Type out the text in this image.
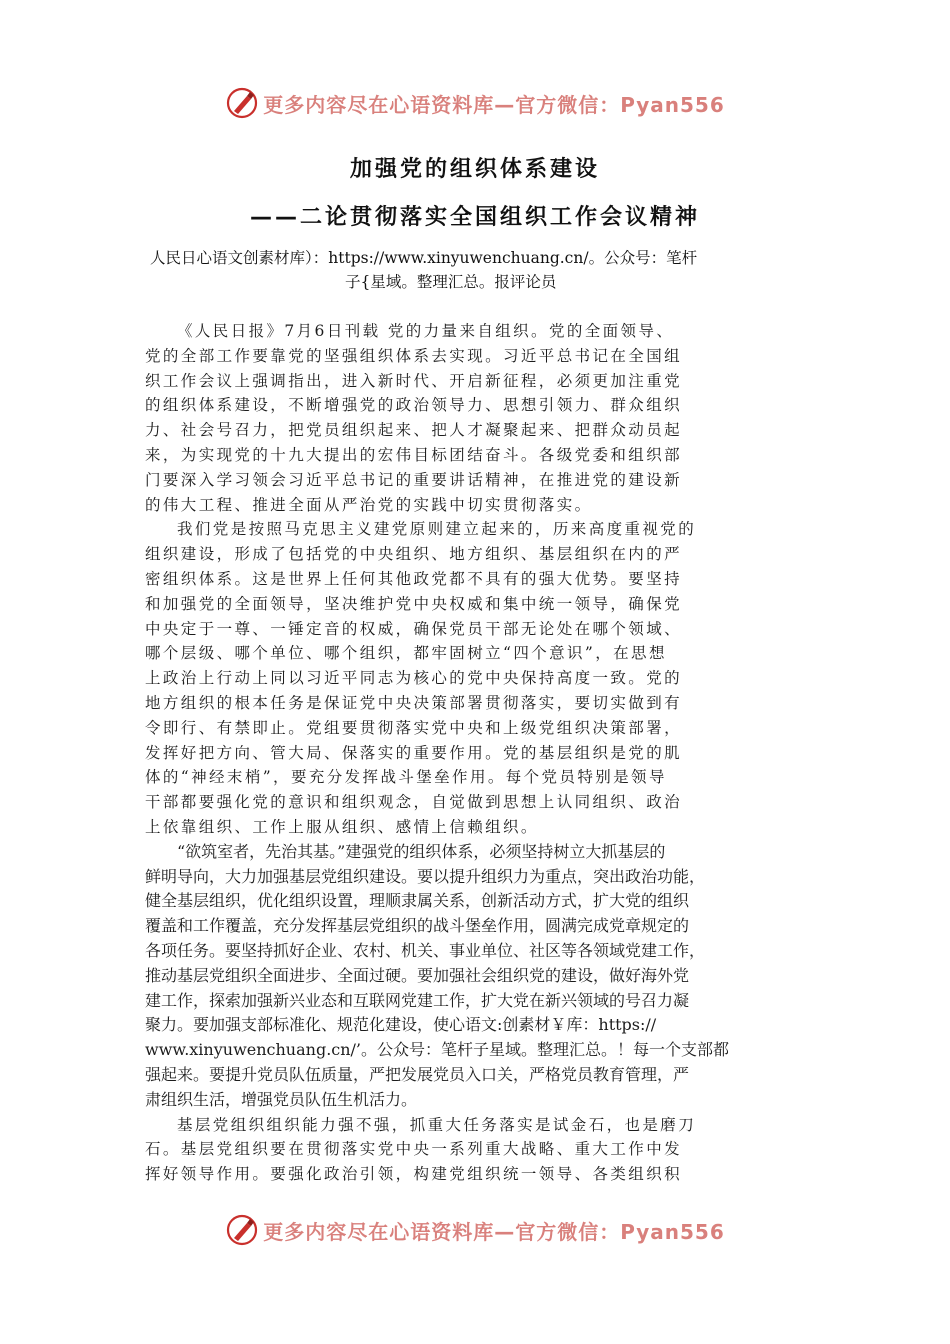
更多内容尽在心语资料库—官方微信：Pyan556
加强党的组织体系建设
——二论贯彻落实全国组织工作会议精神

人民日心语文创素材库）：https://www.xinyuwenchuang.cn/。公众号：笔杆

子{星域。整理汇总。报评论员

《人民日报》7月6日刊载 党的力量来自组织。党的全面领导、

党的全部工作要靠党的坚强组织体系去实现。习近平总书记在全国组

织工作会议上强调指出，进入新时代、开启新征程，必须更加注重党

的组织体系建设，不断增强党的政治领导力、思想引领力、群众组织

力、社会号召力，把党员组织起来、把人才凝聚起来、把群众动员起

来，为实现党的十九大提出的宏伟目标团结奋斗。各级党委和组织部

门要深入学习领会习近平总书记的重要讲话精神，在推进党的建设新

的伟大工程、推进全面从严治党的实践中切实贯彻落实。

我们党是按照马克思主义建党原则建立起来的，历来高度重视党的

组织建设，形成了包括党的中央组织、地方组织、基层组织在内的严

密组织体系。这是世界上任何其他政党都不具有的强大优势。要坚持

和加强党的全面领导，坚决维护党中央权威和集中统一领导，确保党

中央定于一尊、一锤定音的权威，确保党员干部无论处在哪个领域、

哪个层级、哪个单位、哪个组织，都牢固树立“四个意识”，在思想

上政治上行动上同以习近平同志为核心的党中央保持高度一致。党的

地方组织的根本任务是保证党中央决策部署贯彻落实，要切实做到有

令即行、有禁即止。党组要贯彻落实党中央和上级党组织决策部署，

发挥好把方向、管大局、保落实的重要作用。党的基层组织是党的肌

体的“神经末梢”，要充分发挥战斗堡垒作用。每个党员特别是领导

干部都要强化党的意识和组织观念，自觉做到思想上认同组织、政治

上依靠组织、工作上服从组织、感情上信赖组织。

“欲筑室者，先治其基。”建强党的组织体系，必须坚持树立大抓基层的

鲜明导向，大力加强基层党组织建设。要以提升组织力为重点，突出政治功能，

健全基层组织，优化组织设置，理顺隶属关系，创新活动方式，扩大党的组织

覆盖和工作覆盖，充分发挥基层党组织的战斗堡垒作用，圆满完成党章规定的

各项任务。要坚持抓好企业、农村、机关、事业单位、社区等各领域党建工作，

推动基层党组织全面进步、全面过硬。要加强社会组织党的建设，做好海外党

建工作，探索加强新兴业态和互联网党建工作，扩大党在新兴领域的号召力凝

聚力。要加强支部标准化、规范化建设，使心语文:创素材￥库：https://

www.xinyuwenchuang.cn/’。公众号：笔杆子星域。整理汇总。！每一个支部都

强起来。要提升党员队伍质量，严把发展党员入口关，严格党员教育管理，严

肃组织生活，增强党员队伍生机活力。

基层党组织组织能力强不强，抓重大任务落实是试金石，也是磨刀

石。基层党组织要在贯彻落实党中央一系列重大战略、重大工作中发

挥好领导作用。要强化政治引领，构建党组织统一领导、各类组织积

更多内容尽在心语资料库—官方微信：Pyan556
